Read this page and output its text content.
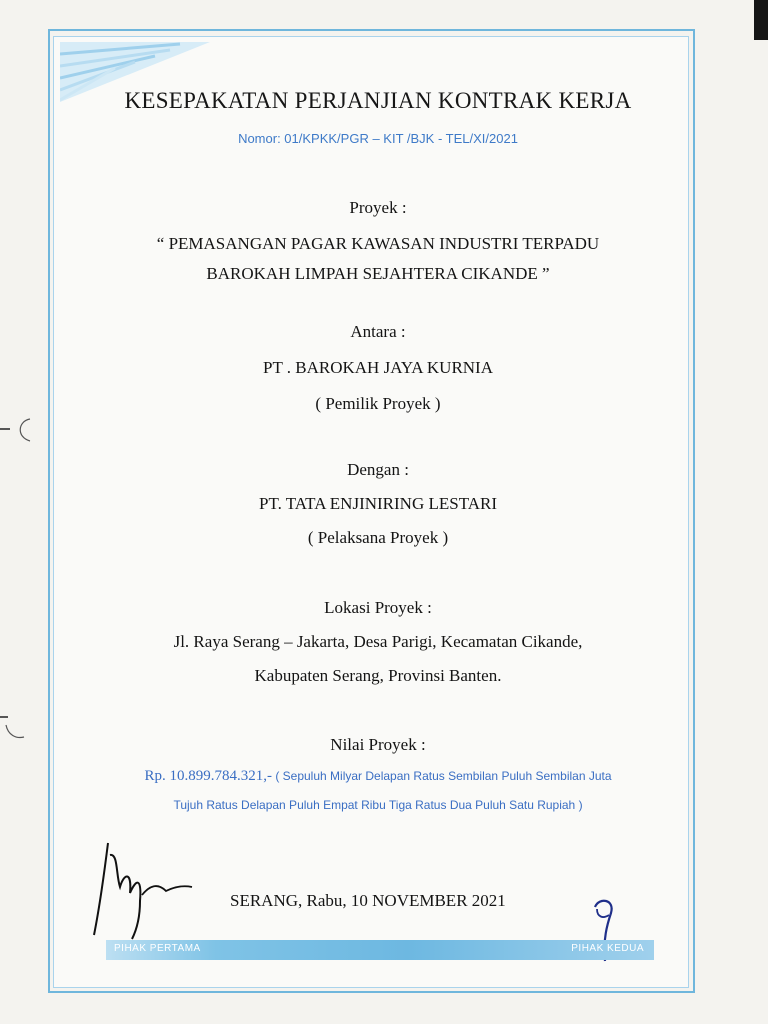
KESEPAKATAN PERJANJIAN KONTRAK KERJA
Nomor: 01/KPKK/PGR – KIT /BJK - TEL/XI/2021
Proyek :
“ PEMASANGAN PAGAR KAWASAN INDUSTRI TERPADU
BAROKAH LIMPAH SEJAHTERA CIKANDE ”
Antara :
PT . BAROKAH JAYA KURNIA
( Pemilik Proyek )
Dengan :
PT. TATA ENJINIRING LESTARI
( Pelaksana Proyek )
Lokasi Proyek :
Jl. Raya Serang – Jakarta, Desa Parigi, Kecamatan Cikande,
Kabupaten Serang, Provinsi Banten.
Nilai Proyek :
Rp. 10.899.784.321,- ( Sepuluh Milyar Delapan Ratus Sembilan Puluh Sembilan Juta
Tujuh Ratus Delapan Puluh Empat Ribu Tiga Ratus Dua Puluh Satu Rupiah )
SERANG, Rabu, 10 NOVEMBER 2021
PIHAK PERTAMA	PIHAK KEDUA
